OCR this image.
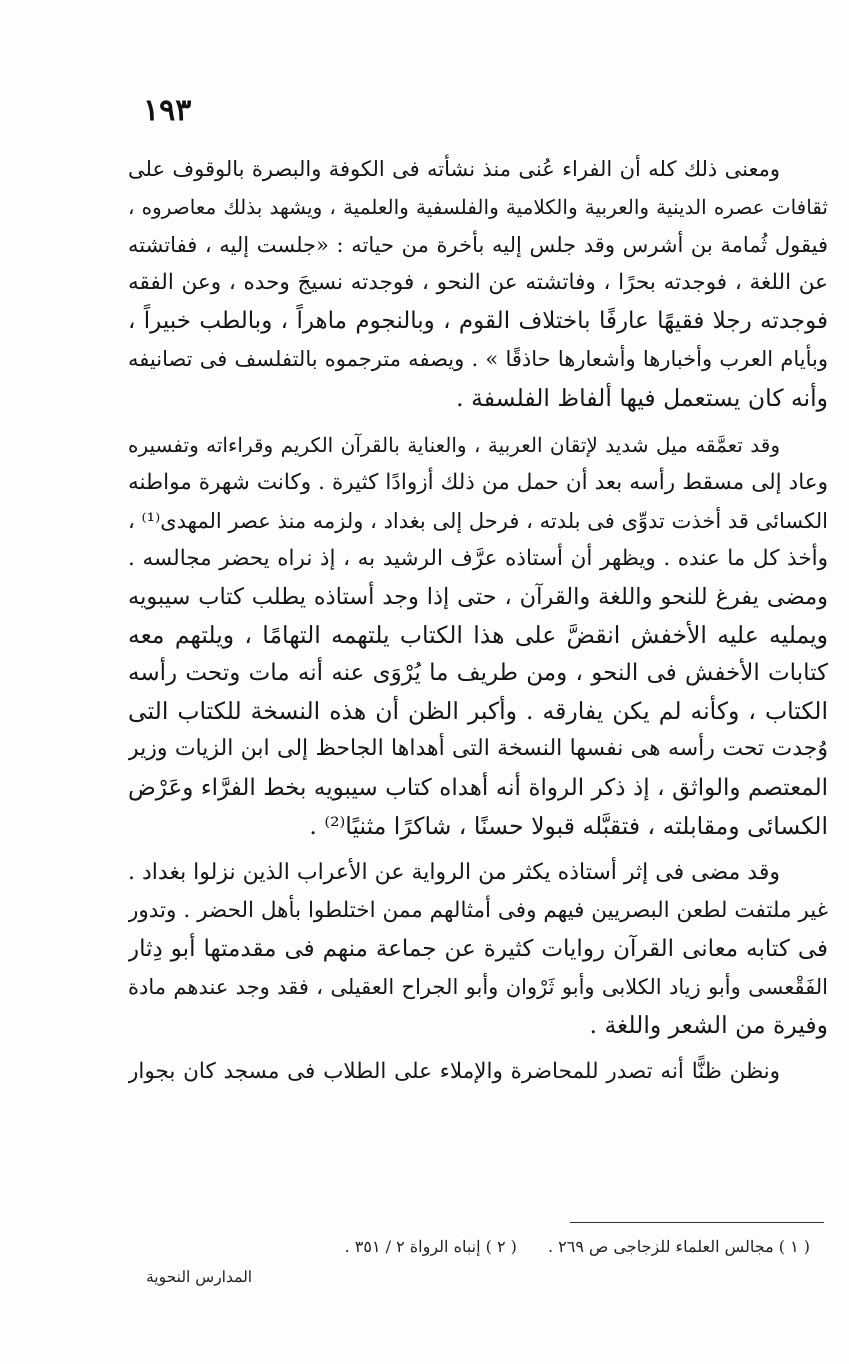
١٩٣
ومعنى ذلك كله أن الفراء عُنى منذ نشأته فى الكوفة والبصرة بالوقوف على
ثقافات عصره الدينية والعربية والكلامية والفلسفية والعلمية ، ويشهد بذلك معاصروه ،
فيقول ثُمامة بن أشرس وقد جلس إليه بأخرة من حياته : «جلست إليه ، ففاتشته
عن اللغة ، فوجدته بحرًا ، وفاتشته عن النحو ، فوجدته نسيجَ وحده ، وعن الفقه
فوجدته رجلا فقيهًا عارفًا باختلاف القوم ، وبالنجوم ماهراً ، وبالطب خبيراً ،
وبأيام العرب وأخبارها وأشعارها حاذقًا » . ويصفه مترجموه بالتفلسف فى تصانيفه
وأنه كان يستعمل فيها ألفاظ الفلسفة .
وقد تعمَّقه ميل شديد لإتقان العربية ، والعناية بالقرآن الكريم وقراءاته وتفسيره
وعاد إلى مسقط رأسه بعد أن حمل من ذلك أزوادًا كثيرة . وكانت شهرة مواطنه
الكسائى قد أخذت تدوِّى فى بلدته ، فرحل إلى بغداد ، ولزمه منذ عصر المهدى⁽¹⁾ ،
وأخذ كل ما عنده . ويظهر أن أستاذه عرَّف الرشيد به ، إذ نراه يحضر مجالسه .
ومضى يفرغ للنحو واللغة والقرآن ، حتى إذا وجد أستاذه يطلب كتاب سيبويه
ويمليه عليه الأخفش انقضَّ على هذا الكتاب يلتهمه التهامًا ، ويلتهم معه
كتابات الأخفش فى النحو ، ومن طريف ما يُرْوَى عنه أنه مات وتحت رأسه
الكتاب ، وكأنه لم يكن يفارقه . وأكبر الظن أن هذه النسخة للكتاب التى
وُجدت تحت رأسه هى نفسها النسخة التى أهداها الجاحظ إلى ابن الزيات وزير
المعتصم والواثق ، إذ ذكر الرواة أنه أهداه كتاب سيبويه بخط الفرَّاء وعَرْض
الكسائى ومقابلته ، فتقبَّله قبولا حسنًا ، شاكرًا مثنيًا⁽²⁾ .
وقد مضى فى إثر أستاذه يكثر من الرواية عن الأعراب الذين نزلوا بغداد .
غير ملتفت لطعن البصريين فيهم وفى أمثالهم ممن اختلطوا بأهل الحضر . وتدور
فى كتابه معانى القرآن روايات كثيرة عن جماعة منهم فى مقدمتها أبو دِثار
الفَقْعسى وأبو زياد الكلابى وأبو ثَرْوان وأبو الجراح العقيلى ، فقد وجد عندهم مادة
وفيرة من الشعر واللغة .
ونظن ظنًّا أنه تصدر للمحاضرة والإملاء على الطلاب فى مسجد كان بجوار
( ١ ) مجالس العلماء للزجاجى ص ٢٦٩ . ( ٢ ) إنباه الرواة ٢ / ٣٥١ .
المدارس النحوية
